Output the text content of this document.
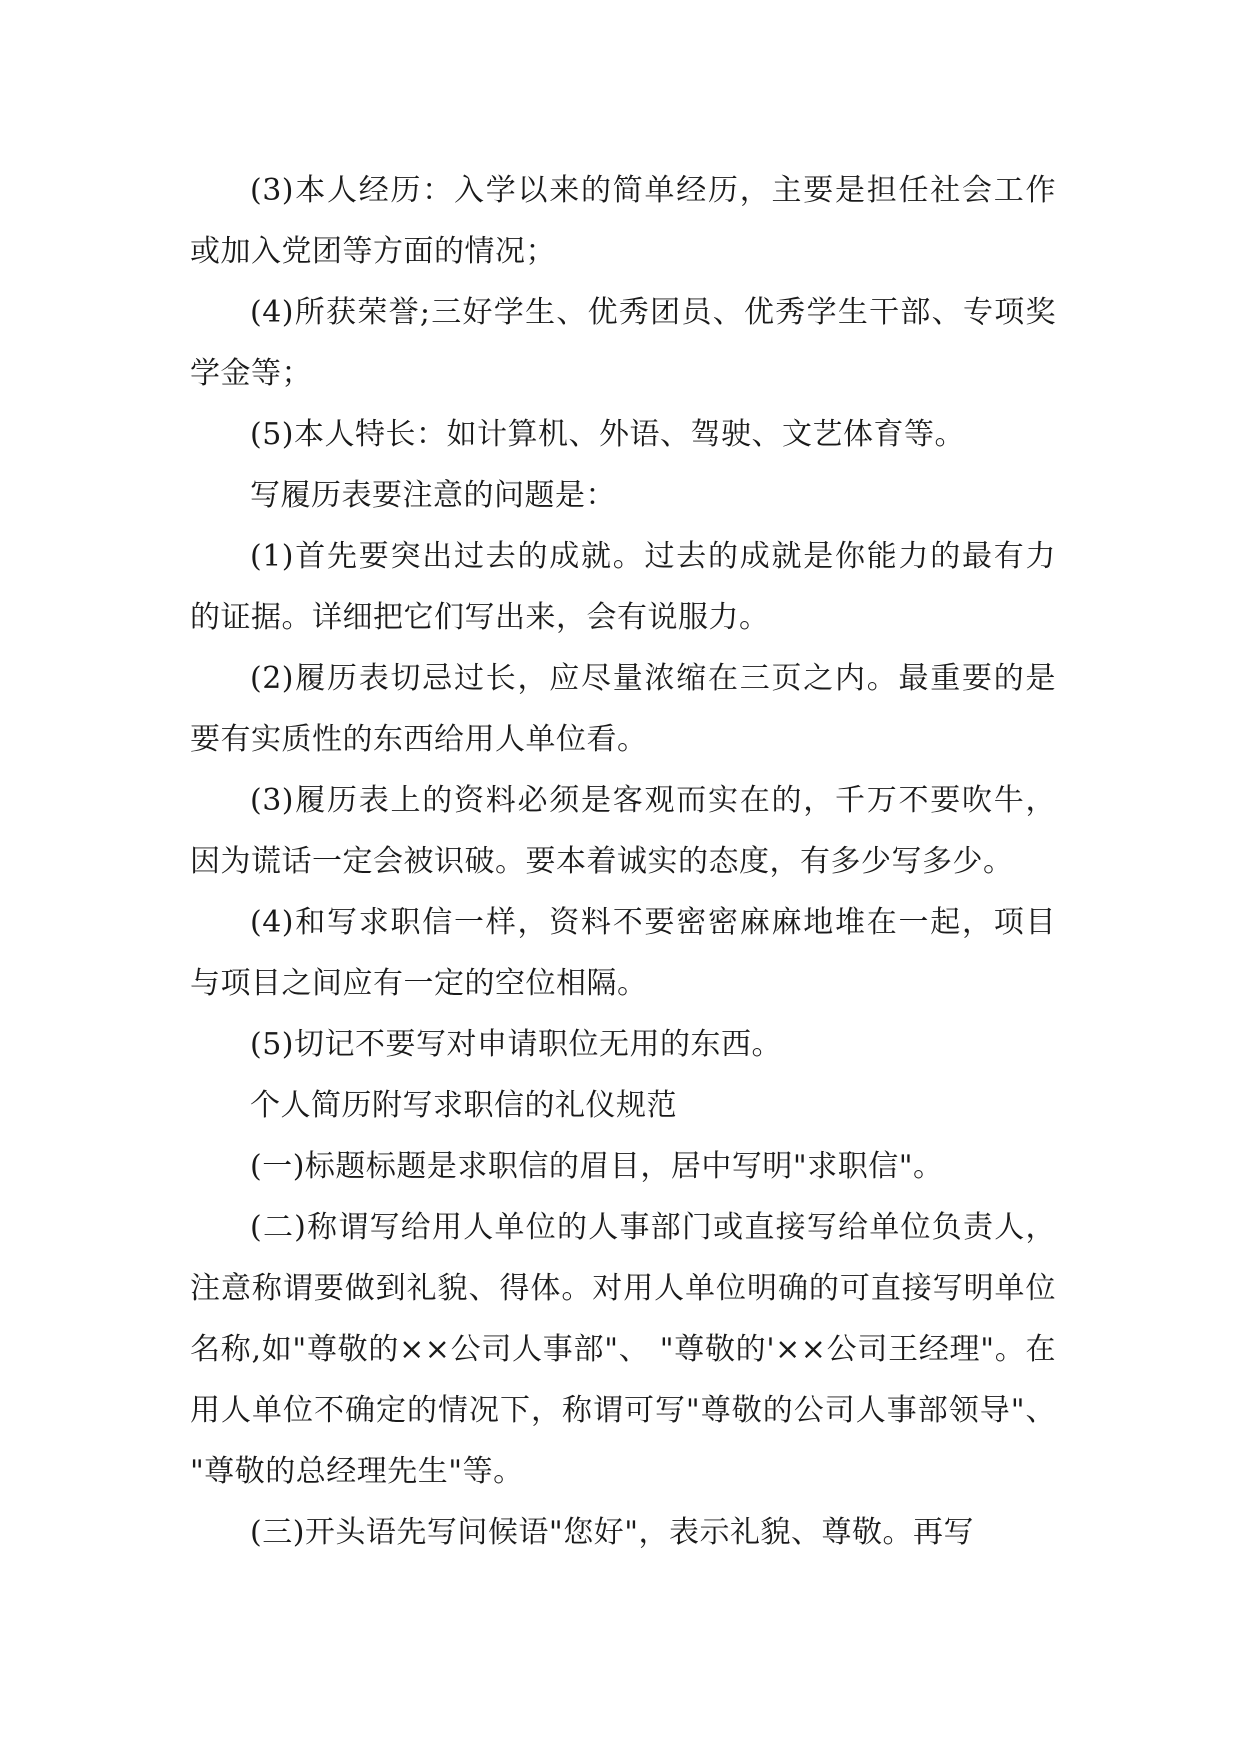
(3)本人经历：入学以来的简单经历，主要是担任社会工作或加入党团等方面的情况；

(4)所获荣誉;三好学生、优秀团员、优秀学生干部、专项奖学金等；

(5)本人特长：如计算机、外语、驾驶、文艺体育等。

写履历表要注意的问题是：

(1)首先要突出过去的成就。过去的成就是你能力的最有力的证据。详细把它们写出来，会有说服力。

(2)履历表切忌过长，应尽量浓缩在三页之内。最重要的是要有实质性的东西给用人单位看。

(3)履历表上的资料必须是客观而实在的，千万不要吹牛，因为谎话一定会被识破。要本着诚实的态度，有多少写多少。

(4)和写求职信一样，资料不要密密麻麻地堆在一起，项目与项目之间应有一定的空位相隔。

(5)切记不要写对申请职位无用的东西。

个人简历附写求职信的礼仪规范

(一)标题标题是求职信的眉目，居中写明"求职信"。

(二)称谓写给用人单位的人事部门或直接写给单位负责人，注意称谓要做到礼貌、得体。对用人单位明确的可直接写明单位名称,如"尊敬的××公司人事部"、 "尊敬的'××公司王经理"。在用人单位不确定的情况下，称谓可写"尊敬的公司人事部领导"、 "尊敬的总经理先生"等。

(三)开头语先写问候语"您好"，表示礼貌、尊敬。再写
